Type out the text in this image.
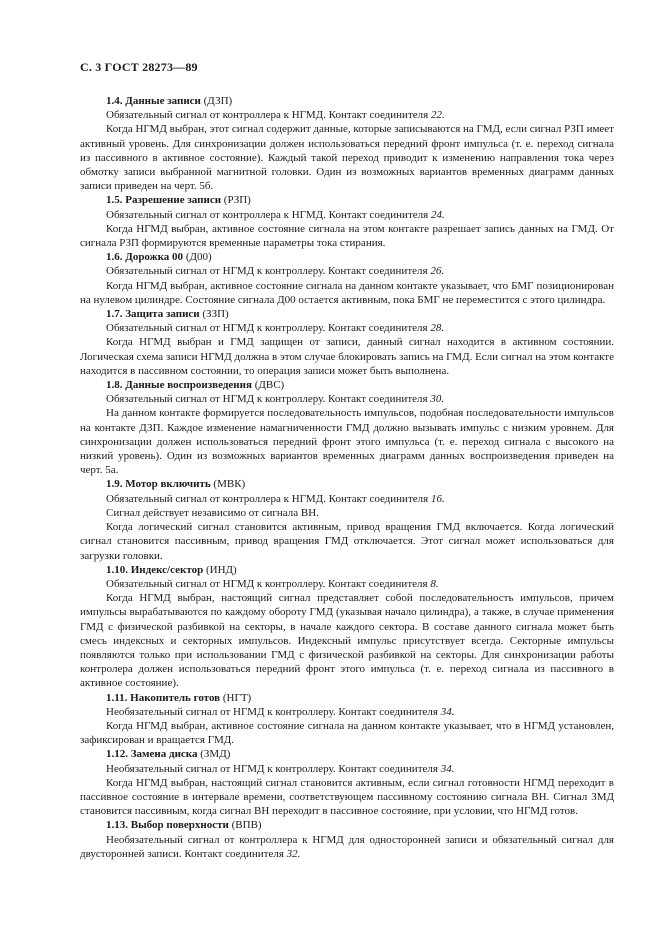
С. 3 ГОСТ 28273—89

1.4. Данные записи (ДЗП)

Обязательный сигнал от контроллера к НГМД. Контакт соединителя 22.

Когда НГМД выбран, этот сигнал содержит данные, которые записываются на ГМД, если сигнал РЗП имеет активный уровень. Для синхронизации должен использоваться передний фронт импульса (т. е. переход сигнала из пассивного в активное состояние). Каждый такой переход приводит к изменению направления тока через обмотку записи выбранной магнитной головки. Один из возможных вариантов временных диаграмм данных записи приведен на черт. 5б.

1.5. Разрешение записи (РЗП)

Обязательный сигнал от контроллера к НГМД. Контакт соединителя 24.

Когда НГМД выбран, активное состояние сигнала на этом контакте разрешает запись данных на ГМД. От сигнала РЗП формируются временные параметры тока стирания.

1.6. Дорожка 00 (Д00)

Обязательный сигнал от НГМД к контроллеру. Контакт соединителя 26.

Когда НГМД выбран, активное состояние сигнала на данном контакте указывает, что БМГ позиционирован на нулевом цилиндре. Состояние сигнала Д00 остается активным, пока БМГ не переместится с этого цилиндра.

1.7. Защита записи (ЗЗП)

Обязательный сигнал от НГМД к контроллеру. Контакт соединителя 28.

Когда НГМД выбран и ГМД защищен от записи, данный сигнал находится в активном состоянии. Логическая схема записи НГМД должна в этом случае блокировать запись на ГМД. Если сигнал на этом контакте находится в пассивном состоянии, то операция записи может быть выполнена.

1.8. Данные воспроизведения (ДВС)

Обязательный сигнал от НГМД к контроллеру. Контакт соединителя 30.

На данном контакте формируется последовательность импульсов, подобная последовательности импульсов на контакте ДЗП. Каждое изменение намагниченности ГМД должно вызывать импульс с низким уровнем. Для синхронизации должен использоваться передний фронт этого импульса (т. е. переход сигнала с высокого на низкий уровень). Один из возможных вариантов временных диаграмм данных воспроизведения приведен на черт. 5а.

1.9. Мотор включить (МВК)

Обязательный сигнал от контроллера к НГМД. Контакт соединителя 16.

Сигнал действует независимо от сигнала ВН.

Когда логический сигнал становится активным, привод вращения ГМД включается. Когда логический сигнал становится пассивным, привод вращения ГМД отключается. Этот сигнал может использоваться для загрузки головки.

1.10. Индекс/сектор (ИНД)

Обязательный сигнал от НГМД к контроллеру. Контакт соединителя 8.

Когда НГМД выбран, настоящий сигнал представляет собой последовательность импульсов, причем импульсы вырабатываются по каждому обороту ГМД (указывая начало цилиндра), а также, в случае применения ГМД с физической разбивкой на секторы, в начале каждого сектора. В составе данного сигнала может быть смесь индексных и секторных импульсов. Индексный импульс присутствует всегда. Секторные импульсы появляются только при использовании ГМД с физической разбивкой на секторы. Для синхронизации работы контролера должен использоваться передний фронт этого импульса (т. е. переход сигнала из пассивного в активное состояние).

1.11. Накопитель готов (НГТ)

Необязательный сигнал от НГМД к контроллеру. Контакт соединителя 34.

Когда НГМД выбран, активное состояние сигнала на данном контакте указывает, что в НГМД установлен, зафиксирован и вращается ГМД.

1.12. Замена диска (ЗМД)

Необязательный сигнал от НГМД к контроллеру. Контакт соединителя 34.

Когда НГМД выбран, настоящий сигнал становится активным, если сигнал готовности НГМД переходит в пассивное состояние в интервале времени, соответствующем пассивному состоянию сигнала ВН. Сигнал ЗМД становится пассивным, когда сигнал ВН переходит в пассивное состояние, при условии, что НГМД готов.

1.13. Выбор поверхности (ВПВ)

Необязательный сигнал от контроллера к НГМД для односторонней записи и обязательный сигнал для двусторонней записи. Контакт соединителя 32.
